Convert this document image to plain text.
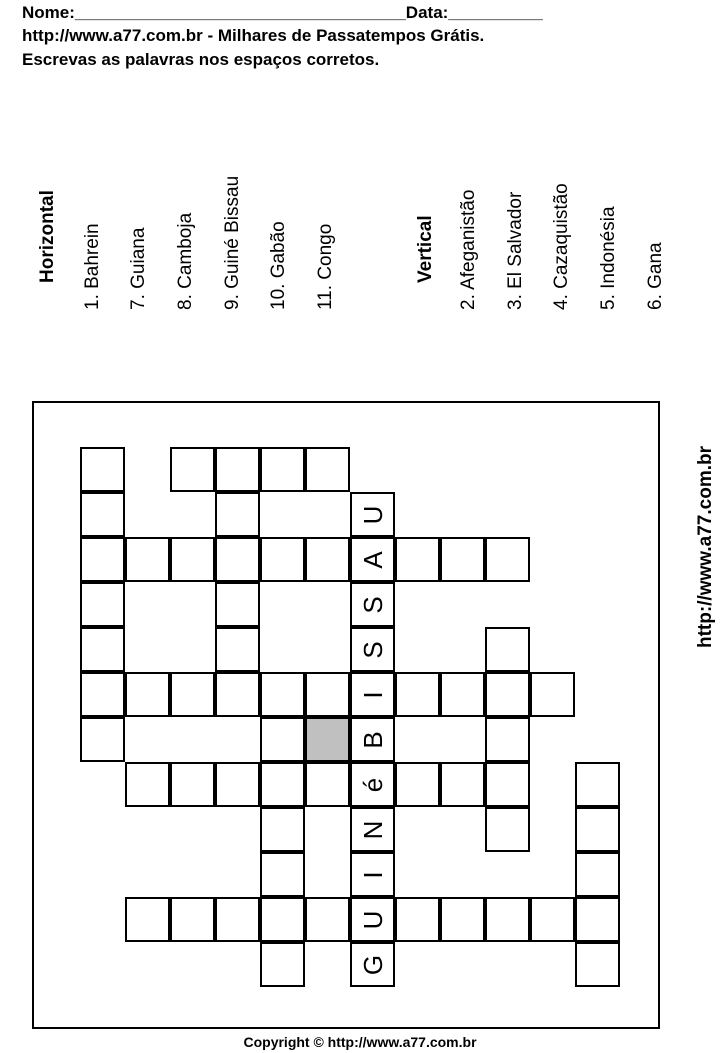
Nome:___________________________________Data:__________
http://www.a77.com.br - Milhares de Passatempos Grátis.
Escrevas as palavras nos espaços corretos.
Horizontal 1. Bahrein 7. Guiana 8. Camboja 9. Guiné Bissau 10. Gabão 11. Congo	Vertical 2. Afeganistão 3. El Salvador 4. Cazaquistão 5. Indonésia 6. Gana
U
A
S
S
I
B
é
N
I
U
G
http://www.a77.com.br
Copyright © http://www.a77.com.br
